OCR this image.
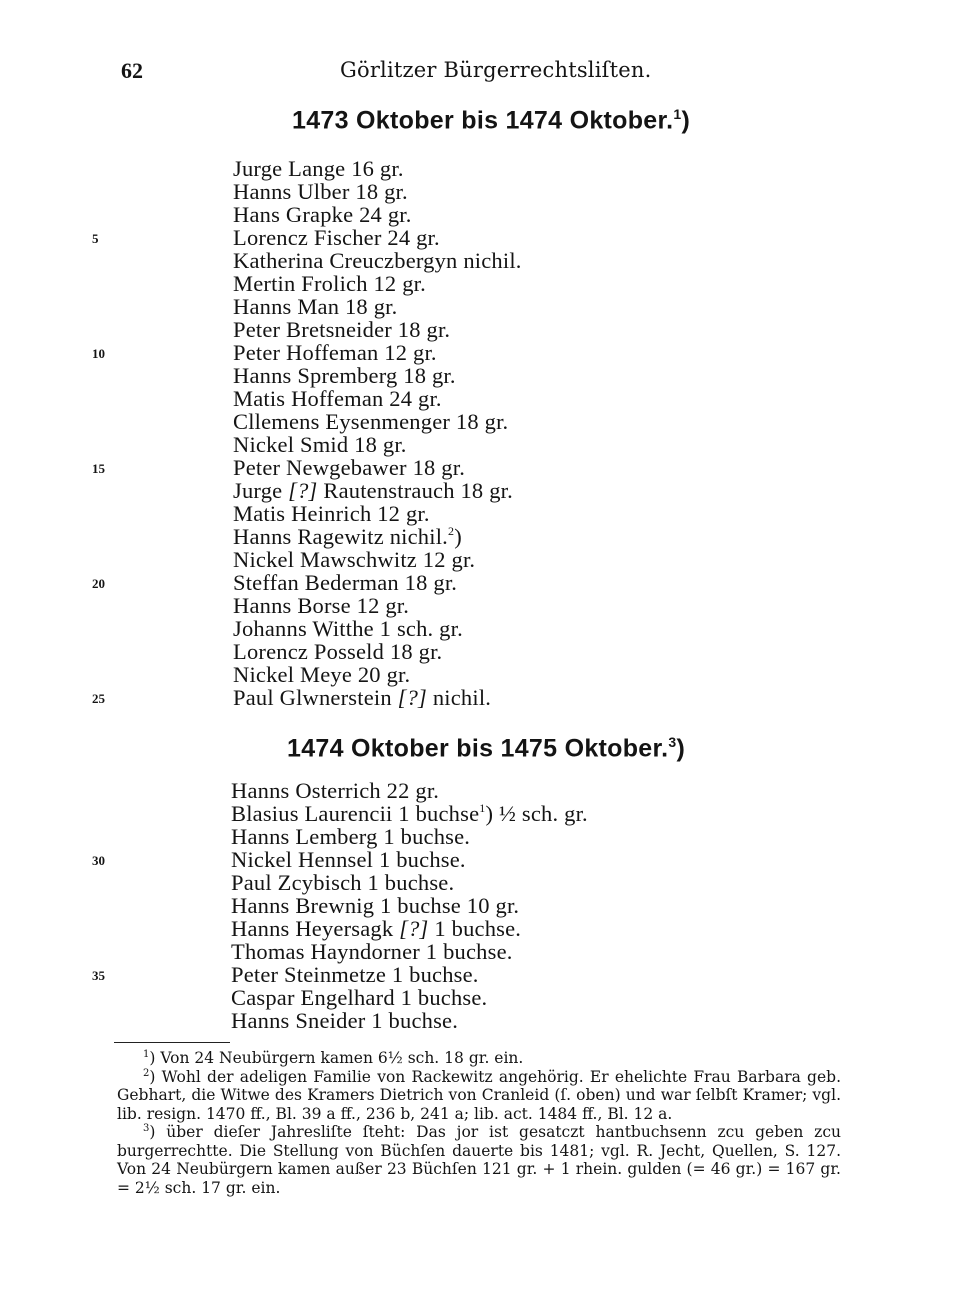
62	Görlitzer Bürgerrechtsliſten.
1473 Oktober bis 1474 Oktober.$^1$)
Jurge Lange 16 gr.
Hanns Ulber 18 gr.
Hans Grapke 24 gr.
Lorencz Fischer 24 gr.
Katherina Creuczbergyn nichil.
Mertin Frolich 12 gr.
Hanns Man 18 gr.
Peter Bretsneider 18 gr.
Peter Hoffeman 12 gr.
Hanns Spremberg 18 gr.
Matis Hoffeman 24 gr.
Cllemens Eysenmenger 18 gr.
Nickel Smid 18 gr.
Peter Newgebawer 18 gr.
Jurge [?] Rautenstrauch 18 gr.
Matis Heinrich 12 gr.
Hanns Ragewitz nichil.$^2$)
Nickel Mawschwitz 12 gr.
Steffan Bederman 18 gr.
Hanns Borse 12 gr.
Johanns Witthe 1 sch. gr.
Lorencz Posseld 18 gr.
Nickel Meye 20 gr.
Paul Glwnerstein [?] nichil.
1474 Oktober bis 1475 Oktober.$^3$)
Hanns Osterrich 22 gr.
Blasius Laurencii 1 buchse$^1$) ½ sch. gr.
Hanns Lemberg 1 buchse.
Nickel Hennsel 1 buchse.
Paul Zcybisch 1 buchse.
Hanns Brewnig 1 buchse 10 gr.
Hanns Heyersagk [?] 1 buchse.
Thomas Hayndorner 1 buchse.
Peter Steinmetze 1 buchse.
Caspar Engelhard 1 buchse.
Hanns Sneider 1 buchse.

$^1$) Von 24 Neubürgern kamen 6½ sch. 18 gr. ein.

$^2$) Wohl der adeligen Familie von Rackewitz angehörig. Er ehelichte Frau Barbara geb. Gebhart, die Witwe des Kramers Dietrich von Cranleid (ſ. oben) und war ſelbſt Kramer; vgl. lib. resign. 1470 ff., Bl. 39 a ff., 236 b, 241 a; lib. act. 1484 ff., Bl. 12 a.

$^3$) über dieſer Jahresliſte ſteht: Das jor ist gesatczt hantbuchsenn zcu geben zcu burgerrechtte. Die Stellung von Büchſen dauerte bis 1481; vgl. R. Jecht, Quellen, S. 127. Von 24 Neubürgern kamen außer 23 Büchſen 121 gr. + 1 rhein. gulden (= 46 gr.) = 167 gr. = 2½ sch. 17 gr. ein.

5
10
15
20
25
30
35
